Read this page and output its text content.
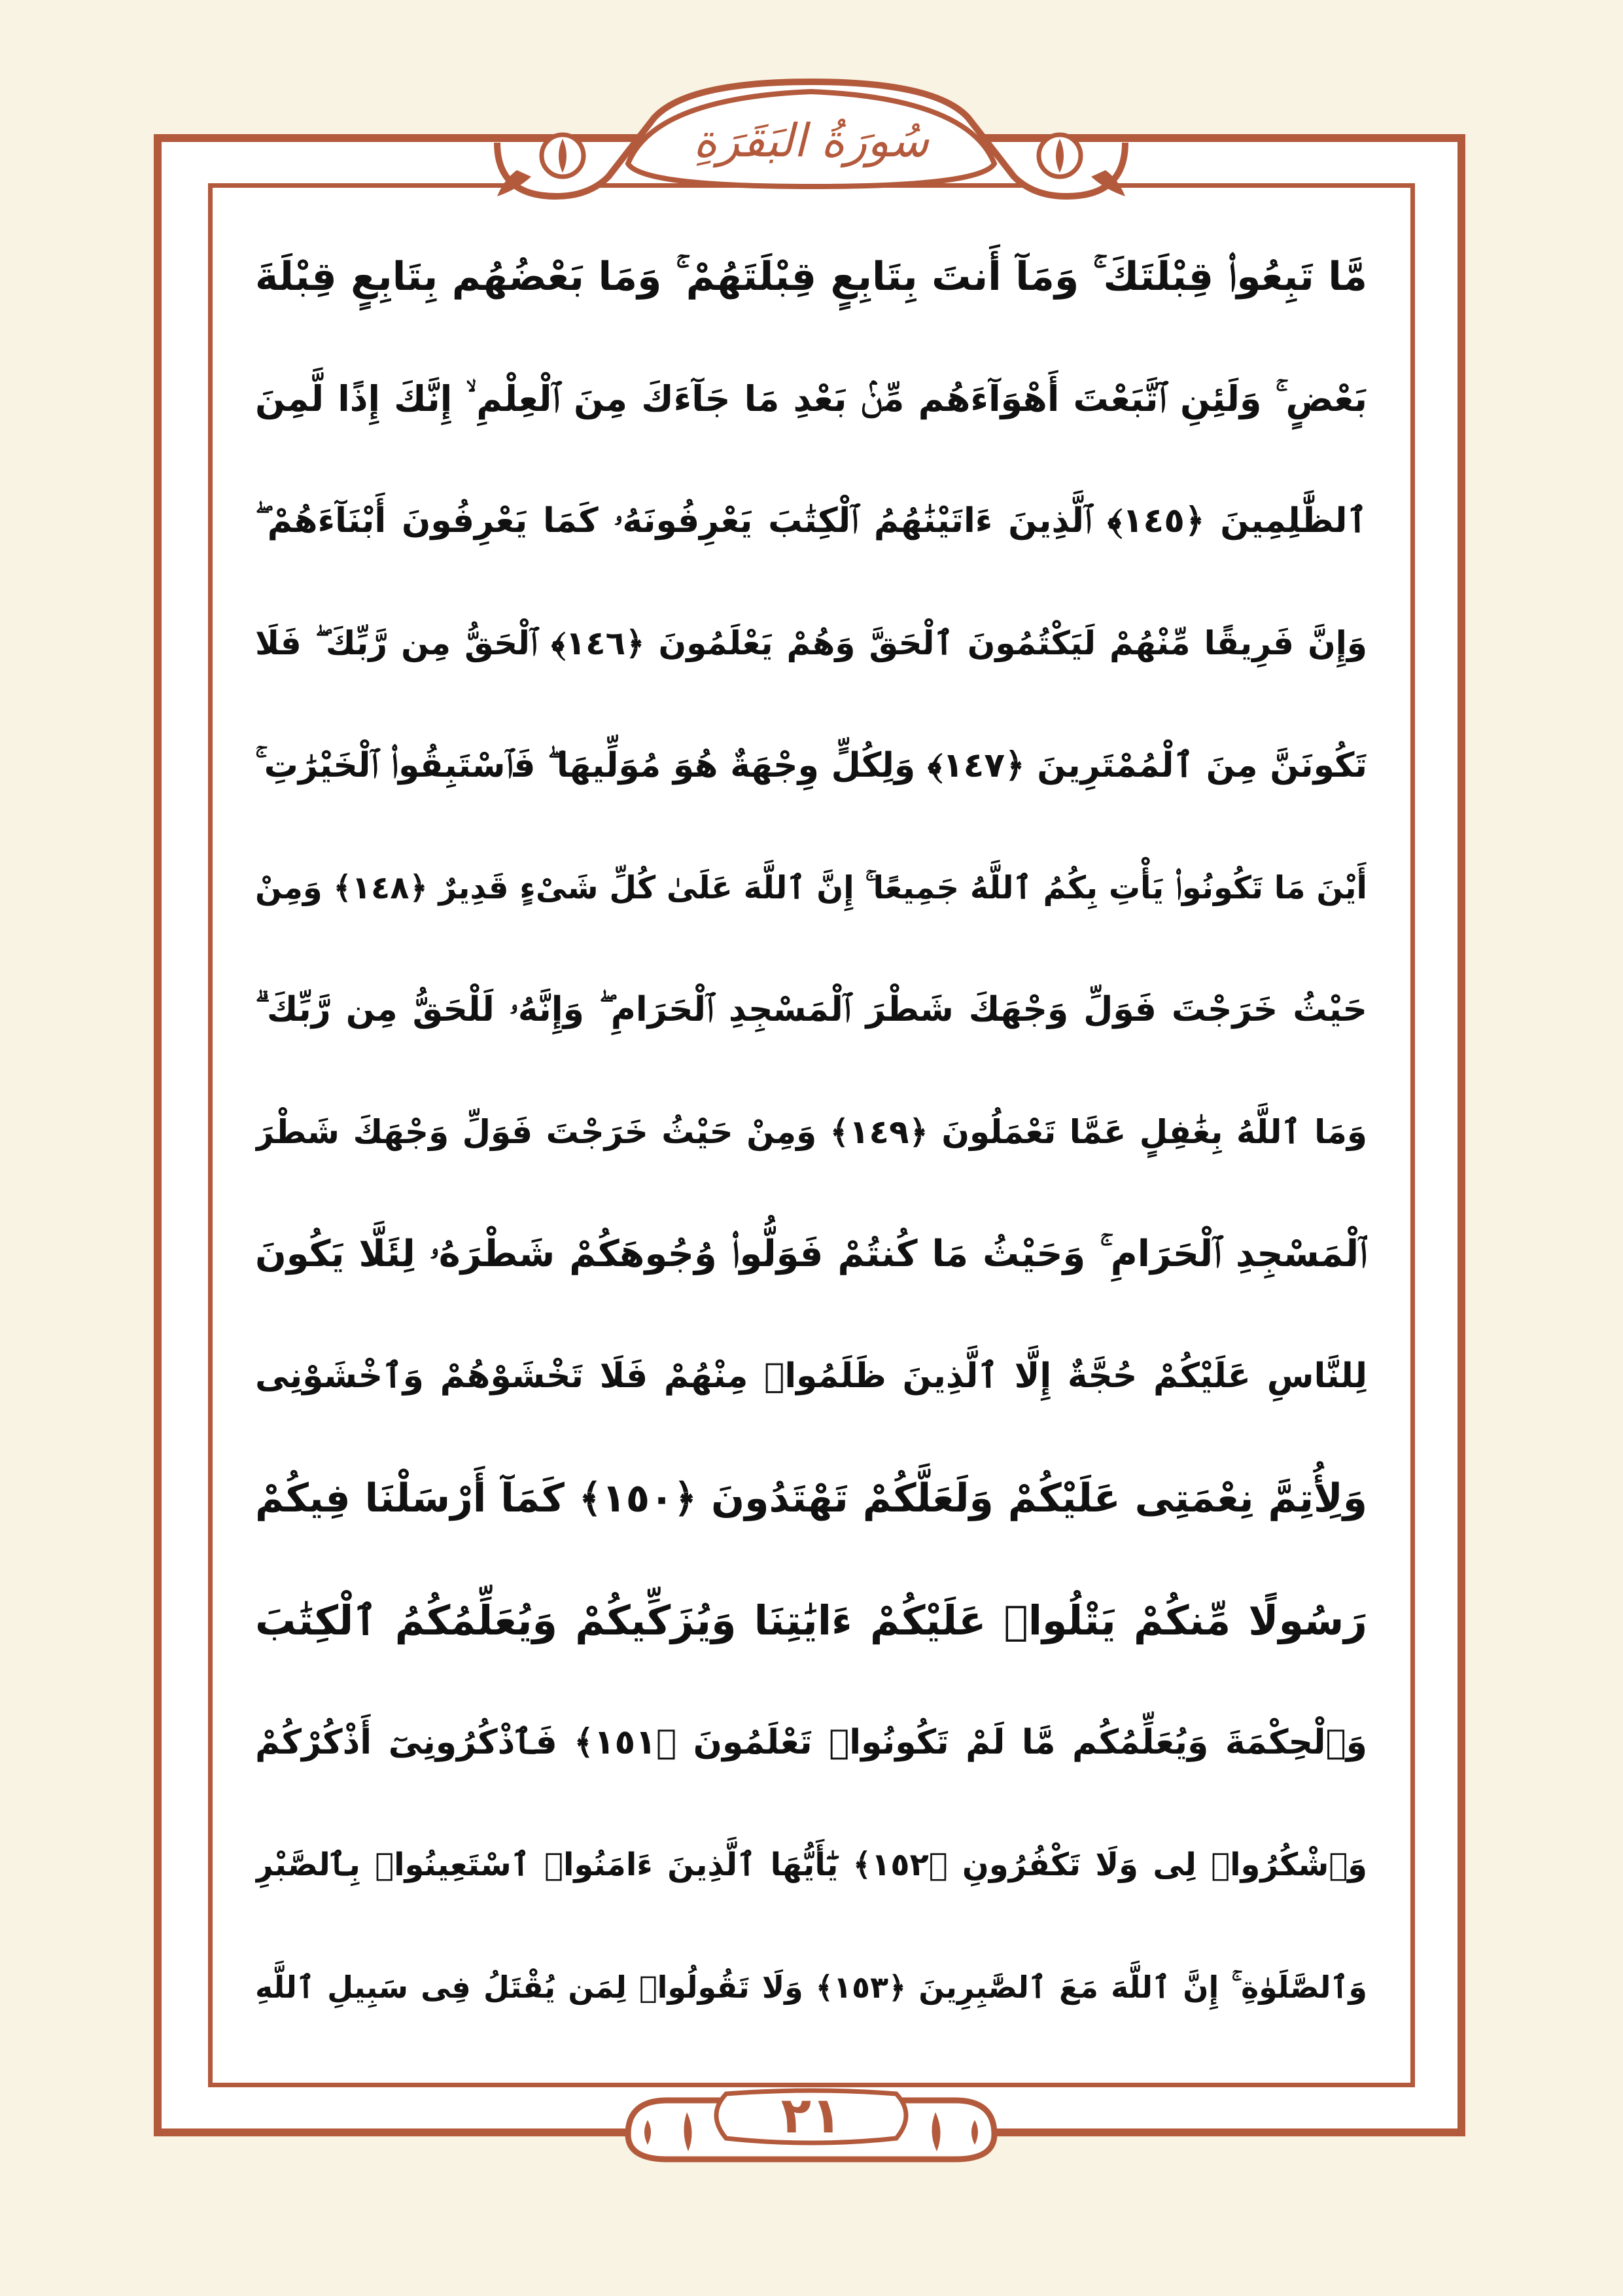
سُورَةُ البَقَرَةِ
مَّا تَبِعُوا۟ قِبْلَتَكَ ۚ وَمَآ أَنتَ بِتَابِعٍ قِبْلَتَهُمْ ۚ وَمَا بَعْضُهُم بِتَابِعٍ قِبْلَةَ
بَعْضٍ ۚ وَلَئِنِ ٱتَّبَعْتَ أَهْوَآءَهُم مِّنۢ بَعْدِ مَا جَآءَكَ مِنَ ٱلْعِلْمِ ۙ إِنَّكَ إِذًا لَّمِنَ
ٱلظَّٰلِمِينَ ﴿١٤٥﴾ ٱلَّذِينَ ءَاتَيْنَٰهُمُ ٱلْكِتَٰبَ يَعْرِفُونَهُۥ كَمَا يَعْرِفُونَ أَبْنَآءَهُمْ ۖ
وَإِنَّ فَرِيقًا مِّنْهُمْ لَيَكْتُمُونَ ٱلْحَقَّ وَهُمْ يَعْلَمُونَ ﴿١٤٦﴾ ٱلْحَقُّ مِن رَّبِّكَ ۖ فَلَا
تَكُونَنَّ مِنَ ٱلْمُمْتَرِينَ ﴿١٤٧﴾ وَلِكُلٍّ وِجْهَةٌ هُوَ مُوَلِّيهَا ۖ فَٱسْتَبِقُوا۟ ٱلْخَيْرَٰتِ ۚ
أَيْنَ مَا تَكُونُوا۟ يَأْتِ بِكُمُ ٱللَّهُ جَمِيعًا ۚ إِنَّ ٱللَّهَ عَلَىٰ كُلِّ شَىْءٍ قَدِيرٌ ﴿١٤٨﴾ وَمِنْ
حَيْثُ خَرَجْتَ فَوَلِّ وَجْهَكَ شَطْرَ ٱلْمَسْجِدِ ٱلْحَرَامِ ۖ وَإِنَّهُۥ لَلْحَقُّ مِن رَّبِّكَ ۗ
وَمَا ٱللَّهُ بِغَٰفِلٍ عَمَّا تَعْمَلُونَ ﴿١٤٩﴾ وَمِنْ حَيْثُ خَرَجْتَ فَوَلِّ وَجْهَكَ شَطْرَ
ٱلْمَسْجِدِ ٱلْحَرَامِ ۚ وَحَيْثُ مَا كُنتُمْ فَوَلُّوا۟ وُجُوهَكُمْ شَطْرَهُۥ لِئَلَّا يَكُونَ
لِلنَّاسِ عَلَيْكُمْ حُجَّةٌ إِلَّا ٱلَّذِينَ ظَلَمُوا۟ مِنْهُمْ فَلَا تَخْشَوْهُمْ وَٱخْشَوْنِى
وَلِأُتِمَّ نِعْمَتِى عَلَيْكُمْ وَلَعَلَّكُمْ تَهْتَدُونَ ﴿١٥٠﴾ كَمَآ أَرْسَلْنَا فِيكُمْ
رَسُولًا مِّنكُمْ يَتْلُوا۟ عَلَيْكُمْ ءَايَٰتِنَا وَيُزَكِّيكُمْ وَيُعَلِّمُكُمُ ٱلْكِتَٰبَ
وَٱلْحِكْمَةَ وَيُعَلِّمُكُم مَّا لَمْ تَكُونُوا۟ تَعْلَمُونَ ﴿١٥١﴾ فَٱذْكُرُونِىٓ أَذْكُرْكُمْ
وَٱشْكُرُوا۟ لِى وَلَا تَكْفُرُونِ ﴿١٥٢﴾ يَٰٓأَيُّهَا ٱلَّذِينَ ءَامَنُوا۟ ٱسْتَعِينُوا۟ بِٱلصَّبْرِ
وَٱلصَّلَوٰةِ ۚ إِنَّ ٱللَّهَ مَعَ ٱلصَّٰبِرِينَ ﴿١٥٣﴾ وَلَا تَقُولُوا۟ لِمَن يُقْتَلُ فِى سَبِيلِ ٱللَّهِ
٢١
